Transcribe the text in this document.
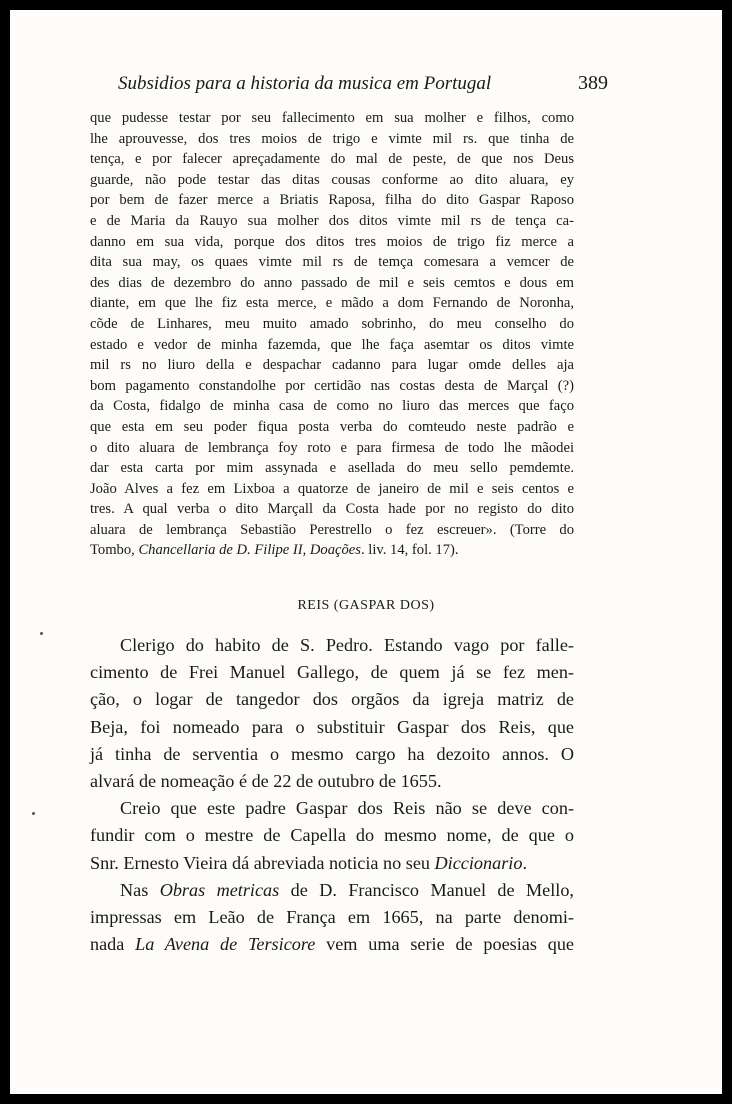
Subsidios para a historia da musica em Portugal	389
que pudesse testar por seu fallecimento em sua molher e filhos, como
lhe aprouvesse, dos tres moios de trigo e vimte mil rs. que tinha de
tença, e por falecer apreçadamente do mal de peste, de que nos Deus
guarde, não pode testar das ditas cousas conforme ao dito aluara, ey
por bem de fazer merce a Briatis Raposa, filha do dito Gaspar Raposo
e de Maria da Rauyo sua molher dos ditos vimte mil rs de tença ca-
danno em sua vida, porque dos ditos tres moios de trigo fiz merce a
dita sua may, os quaes vimte mil rs de temça comesara a vemcer de
des dias de dezembro do anno passado de mil e seis cemtos e dous em
diante, em que lhe fiz esta merce, e mãdo a dom Fernando de Noronha,
cõde de Linhares, meu muito amado sobrinho, do meu conselho do
estado e vedor de minha fazemda, que lhe faça asemtar os ditos vimte
mil rs no liuro della e despachar cadanno para lugar omde delles aja
bom pagamento constandolhe por certidão nas costas desta de Marçal (?)
da Costa, fidalgo de minha casa de como no liuro das merces que faço
que esta em seu poder fiqua posta verba do comteudo neste padrão e
o dito aluara de lembrança foy roto e para firmesa de todo lhe mãodei
dar esta carta por mim assynada e asellada do meu sello pemdemte.
João Alves a fez em Lixboa a quatorze de janeiro de mil e seis centos e
tres. A qual verba o dito Marçall da Costa hade por no registo do dito
aluara de lembrança Sebastião Perestrello o fez escreuer». (Torre do
Tombo, Chancellaria de D. Filipe II, Doações. liv. 14, fol. 17).
REIS (GASPAR DOS)
Clerigo do habito de S. Pedro. Estando vago por falle-
cimento de Frei Manuel Gallego, de quem já se fez men-
ção, o logar de tangedor dos orgãos da igreja matriz de
Beja, foi nomeado para o substituir Gaspar dos Reis, que
já tinha de serventia o mesmo cargo ha dezoito annos. O
alvará de nomeação é de 22 de outubro de 1655.
Creio que este padre Gaspar dos Reis não se deve con-
fundir com o mestre de Capella do mesmo nome, de que o
Snr. Ernesto Vieira dá abreviada noticia no seu Diccionario.
Nas Obras metricas de D. Francisco Manuel de Mello,
impressas em Leão de França em 1665, na parte denomi-
nada La Avena de Tersicore vem uma serie de poesias que
